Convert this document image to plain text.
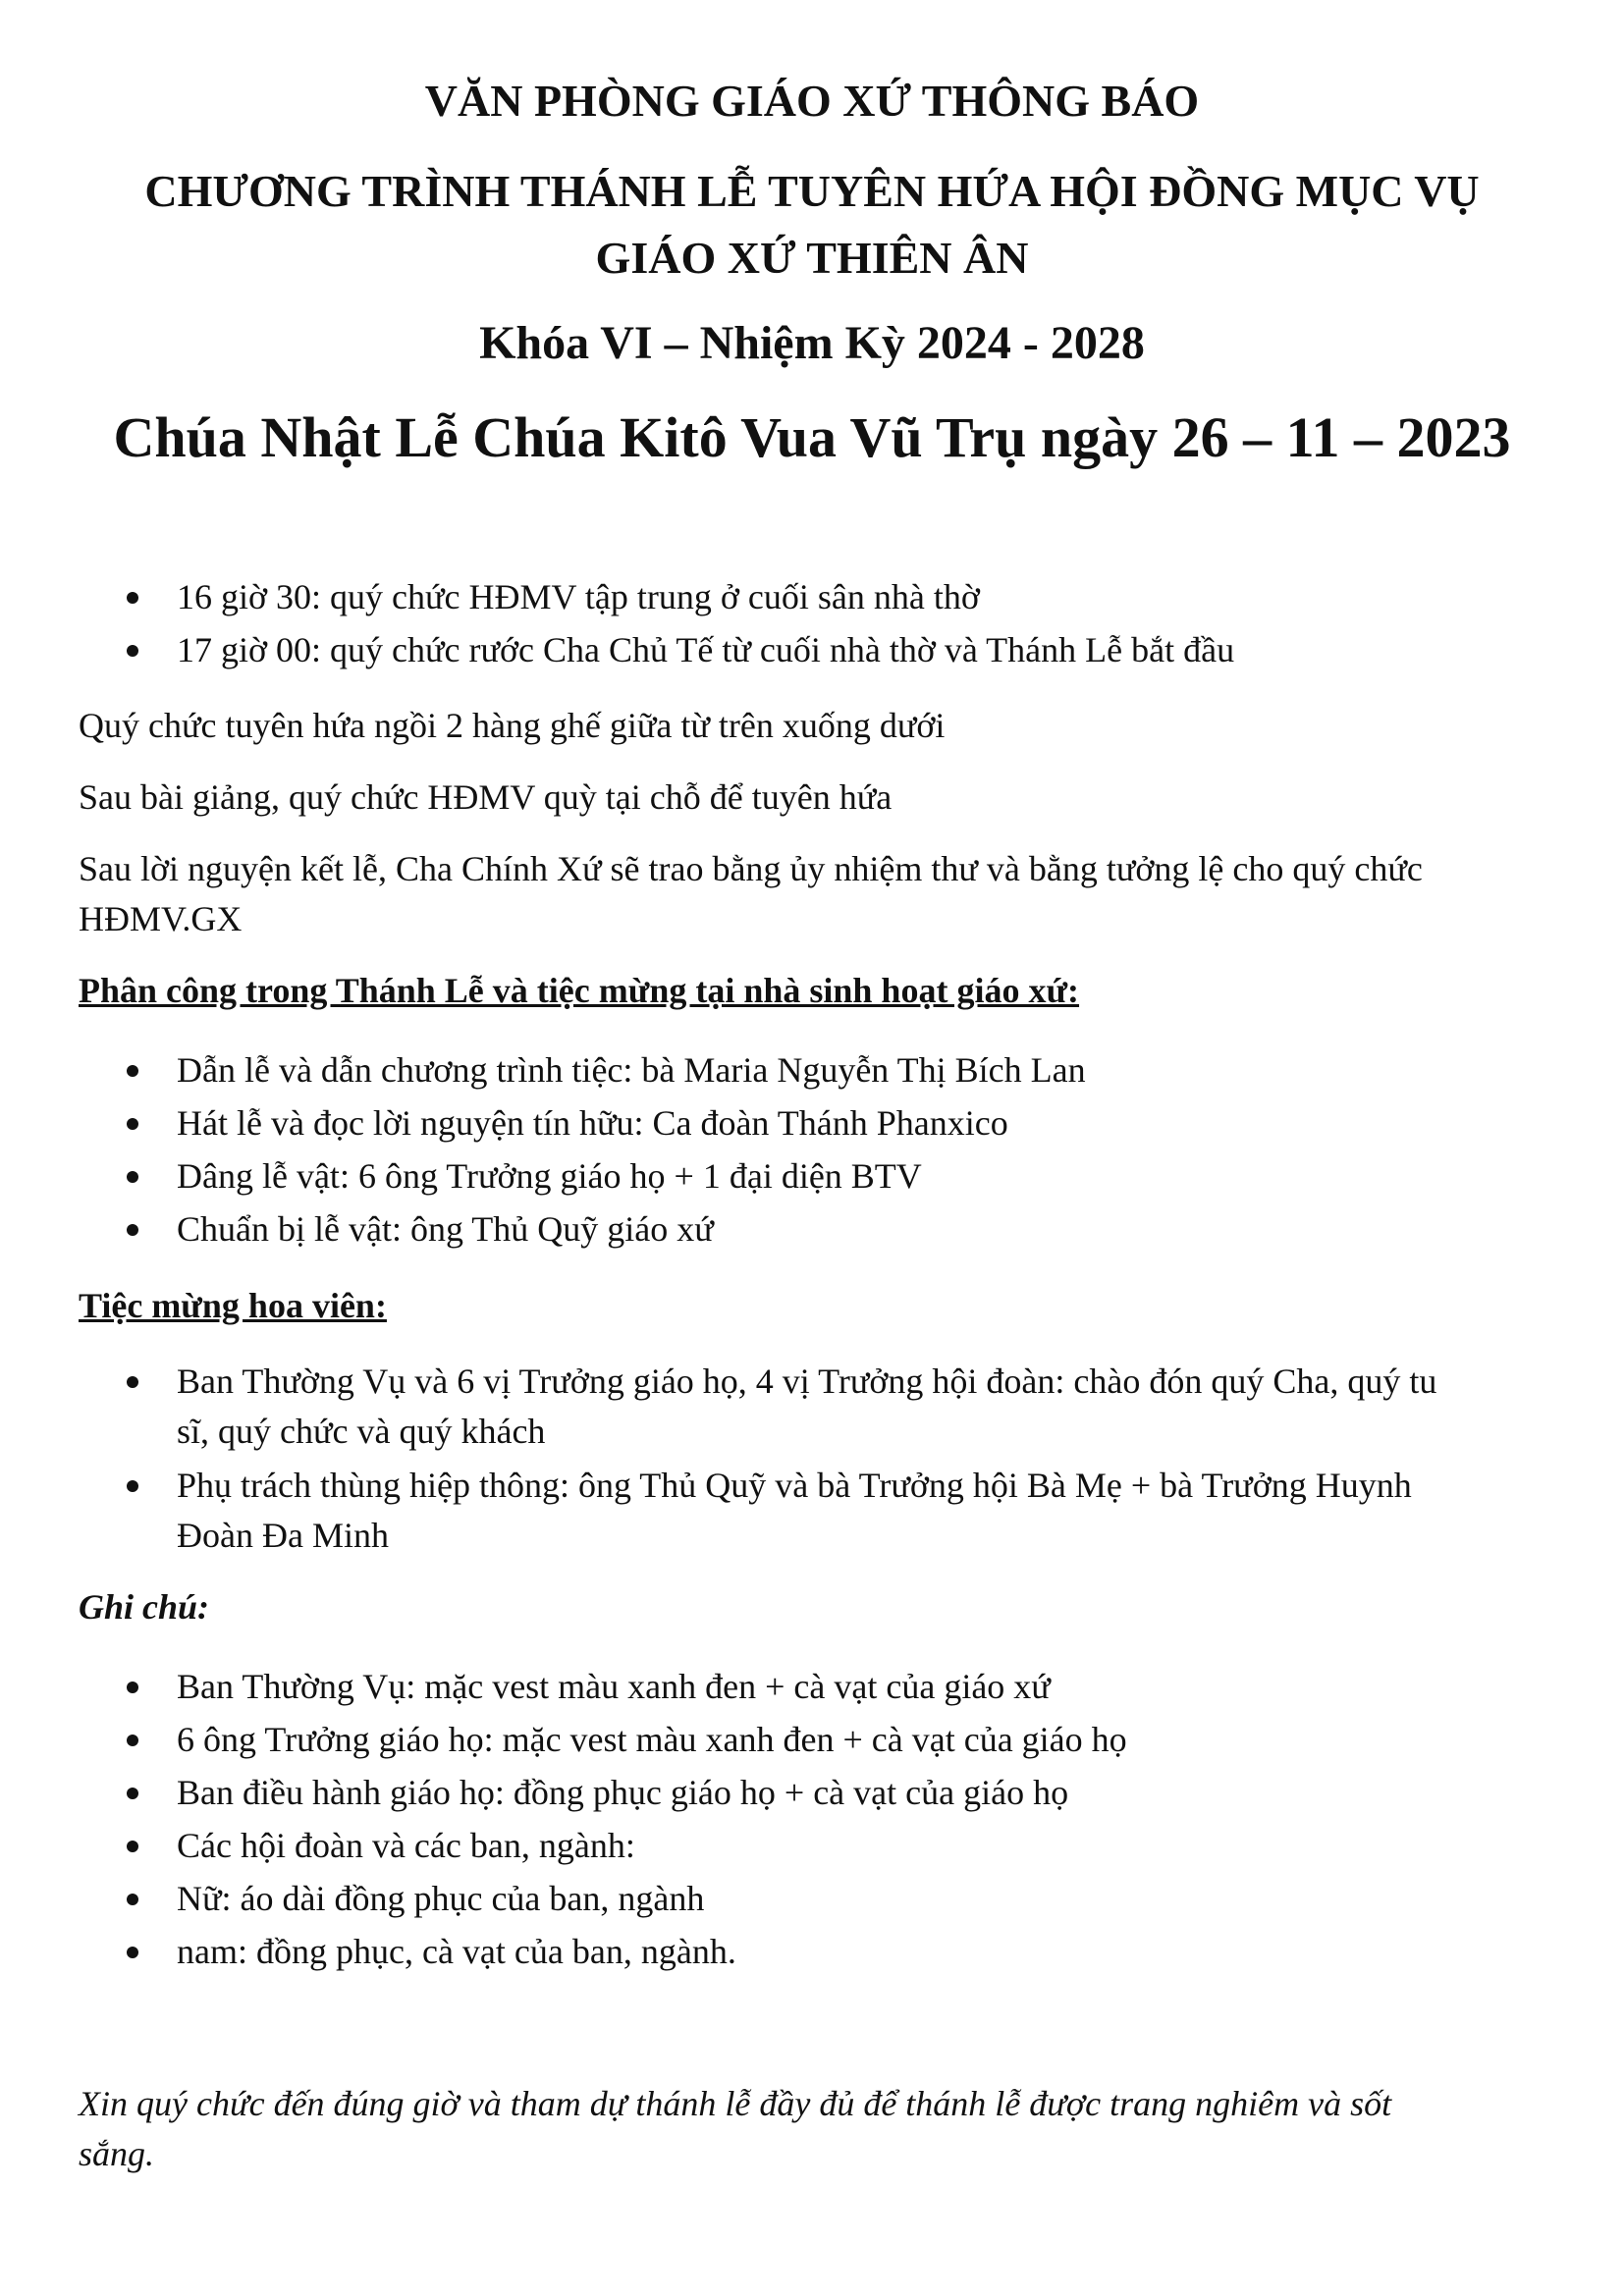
VĂN PHÒNG GIÁO XỨ THÔNG BÁO
CHƯƠNG TRÌNH THÁNH LỄ TUYÊN HỨA HỘI ĐỒNG MỤC VỤ
GIÁO XỨ THIÊN ÂN
Khóa VI – Nhiệm Kỳ 2024 - 2028
Chúa Nhật Lễ Chúa Kitô Vua Vũ Trụ ngày 26 – 11 – 2023
16 giờ 30: quý chức HĐMV tập trung ở cuối sân nhà thờ
17 giờ 00: quý chức rước Cha Chủ Tế từ cuối nhà thờ và Thánh Lễ bắt đầu
Quý chức tuyên hứa ngồi 2 hàng ghế giữa từ trên xuống dưới
Sau bài giảng, quý chức HĐMV quỳ tại chỗ để tuyên hứa
Sau lời nguyện kết lễ, Cha Chính Xứ sẽ trao bằng ủy nhiệm thư và bằng tưởng lệ cho quý chức
HĐMV.GX
Phân công trong Thánh Lễ và tiệc mừng tại nhà sinh hoạt giáo xứ:
Dẫn lễ và dẫn chương trình tiệc: bà Maria Nguyễn Thị Bích Lan
Hát lễ và đọc lời nguyện tín hữu: Ca đoàn Thánh Phanxico
Dâng lễ vật: 6 ông Trưởng giáo họ + 1 đại diện BTV
Chuẩn bị lễ vật: ông Thủ Quỹ giáo xứ
Tiệc mừng hoa viên:
Ban Thường Vụ và 6 vị Trưởng giáo họ, 4 vị Trưởng hội đoàn: chào đón quý Cha, quý tu
sĩ, quý chức và quý khách
Phụ trách thùng hiệp thông: ông Thủ Quỹ và bà Trưởng hội Bà Mẹ + bà Trưởng Huynh
Đoàn Đa Minh
Ghi chú:
Ban Thường Vụ: mặc vest màu xanh đen + cà vạt của giáo xứ
6 ông Trưởng giáo họ: mặc vest màu xanh đen + cà vạt của giáo họ
Ban điều hành giáo họ: đồng phục giáo họ + cà vạt của giáo họ
Các hội đoàn và các ban, ngành:
Nữ: áo dài đồng phục của ban, ngành
nam: đồng phục, cà vạt của ban, ngành.
Xin quý chức đến đúng giờ và tham dự thánh lễ đầy đủ để thánh lễ được trang nghiêm và sốt
sắng.
